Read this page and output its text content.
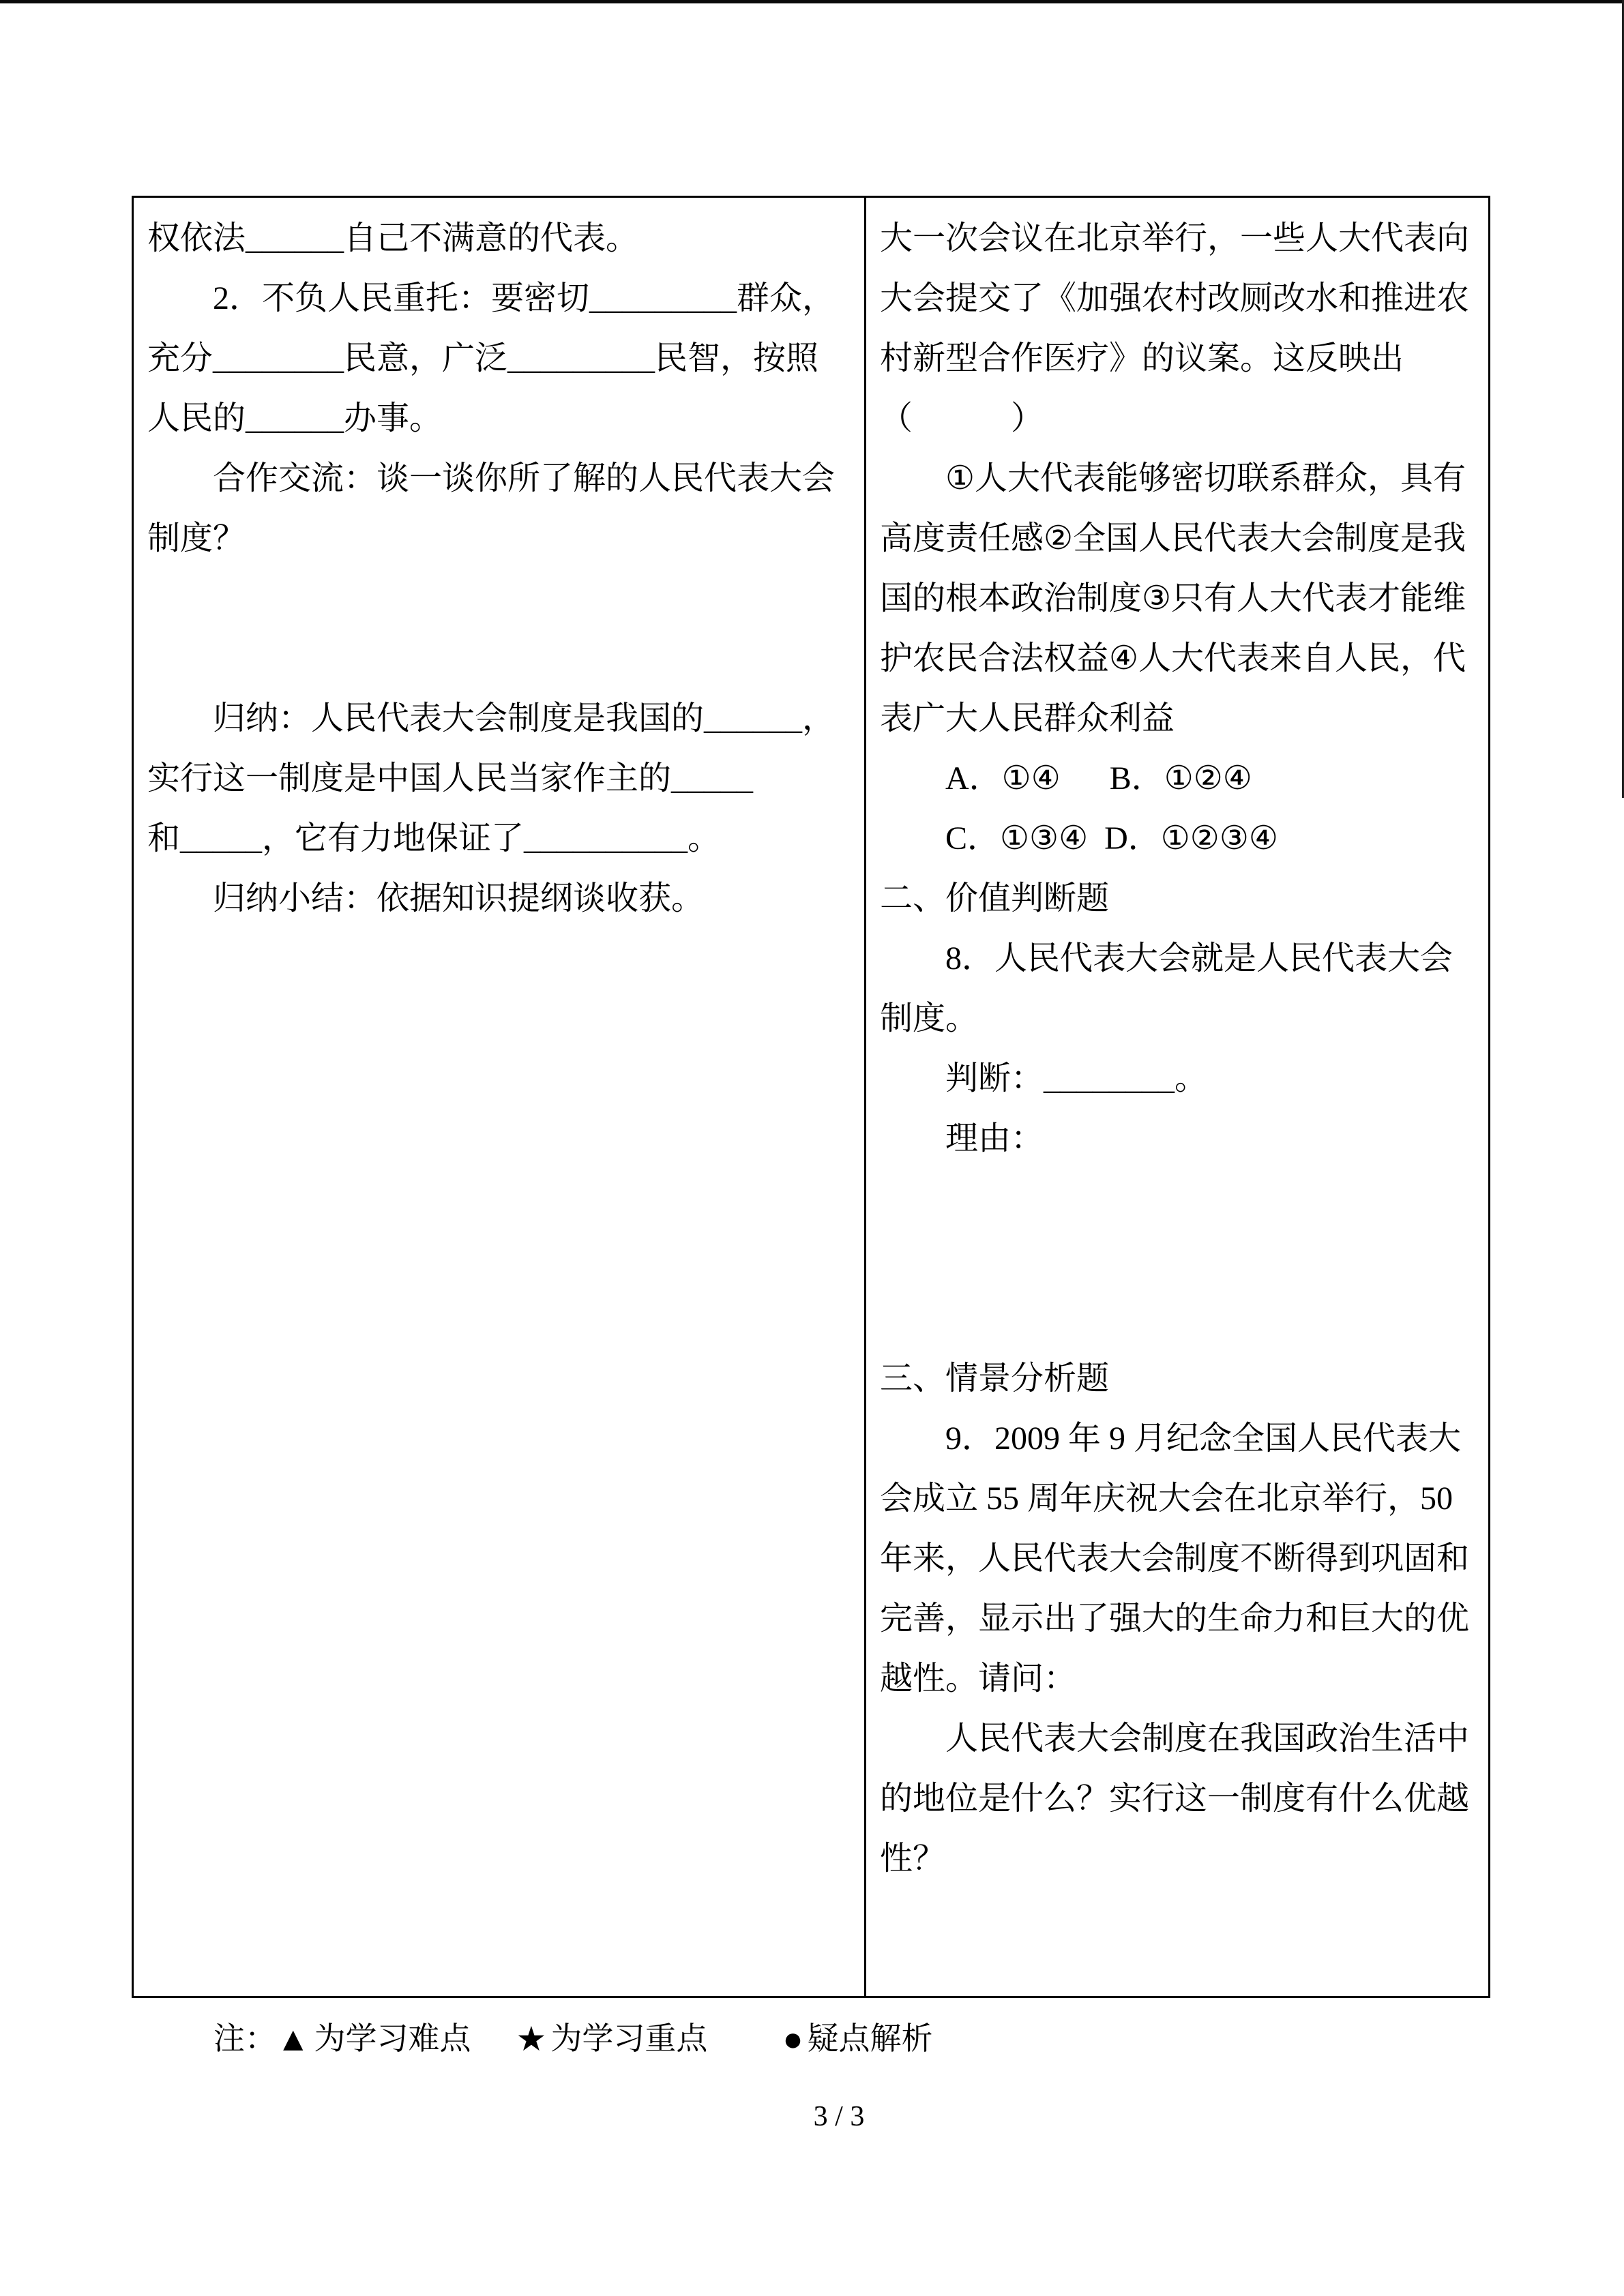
权依法______自己不满意的代表。
2．不负人民重托：要密切_________群众，
充分________民意，广泛_________民智，按照
人民的______办事。
合作交流：谈一谈你所了解的人民代表大会
制度？
归纳：人民代表大会制度是我国的______，
实行这一制度是中国人民当家作主的_____
和_____，它有力地保证了__________。
归纳小结：依据知识提纲谈收获。
大一次会议在北京举行，一些人大代表向
大会提交了《加强农村改厕改水和推进农
村新型合作医疗》的议案。这反映出
（            ）
①人大代表能够密切联系群众，具有
高度责任感②全国人民代表大会制度是我
国的根本政治制度③只有人大代表才能维
护农民合法权益④人大代表来自人民，代
表广大人民群众利益
A．①④      B．①②④
C．①③④  D．①②③④
二、价值判断题
8．人民代表大会就是人民代表大会
制度。
判断：________。
理由：
三、情景分析题
9．2009 年 9 月纪念全国人民代表大
会成立 55 周年庆祝大会在北京举行，50
年来，人民代表大会制度不断得到巩固和
完善，显示出了强大的生命力和巨大的优
越性。请问：
人民代表大会制度在我国政治生活中
的地位是什么？实行这一制度有什么优越
性？
注： ▲ 为学习难点 ★ 为学习重点 ● 疑点解析
3 / 3
